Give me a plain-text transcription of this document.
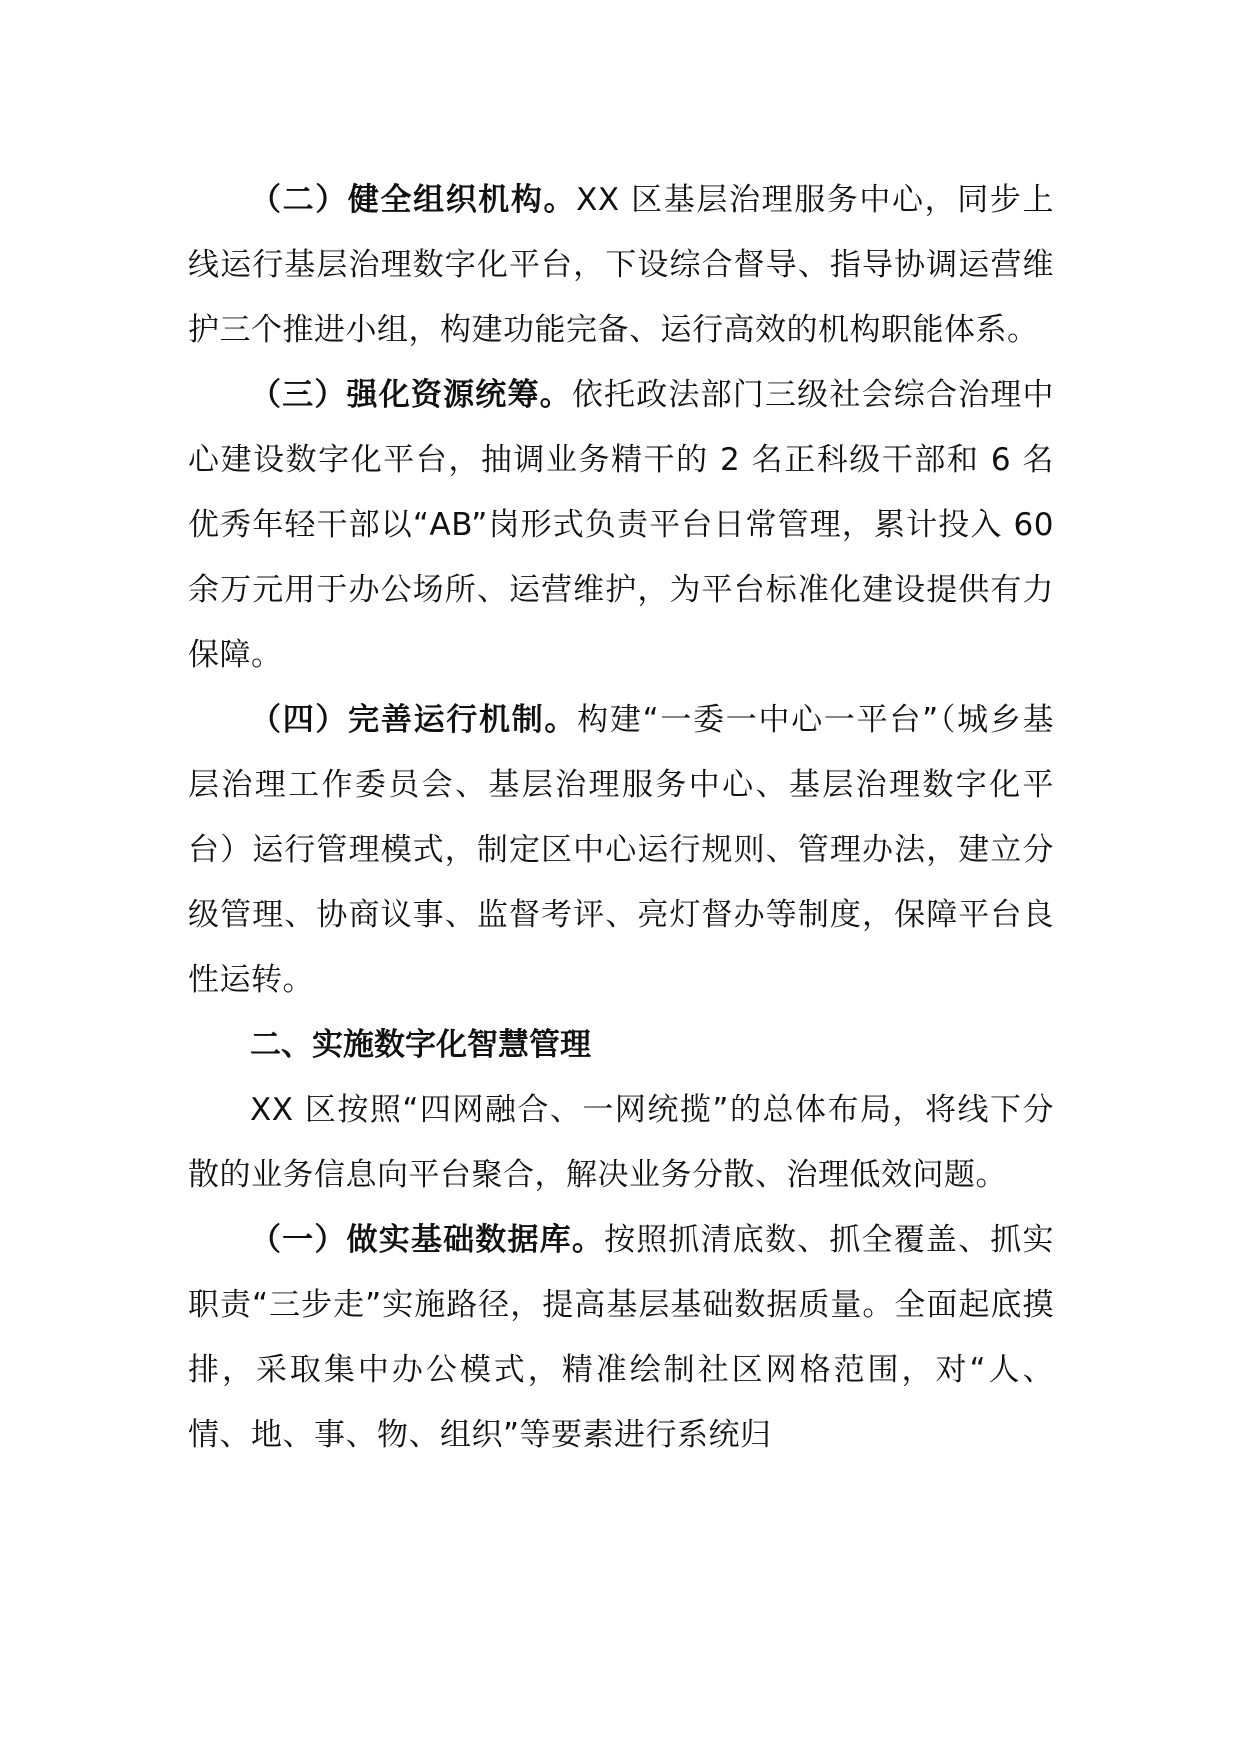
（二）健全组织机构。XX 区基层治理服务中心，同步上线运行基层治理数字化平台，下设综合督导、指导协调运营维护三个推进小组，构建功能完备、运行高效的机构职能体系。

（三）强化资源统筹。依托政法部门三级社会综合治理中心建设数字化平台，抽调业务精干的 2 名正科级干部和 6 名优秀年轻干部以“AB”岗形式负责平台日常管理，累计投入 60 余万元用于办公场所、运营维护，为平台标准化建设提供有力保障。

（四）完善运行机制。构建“一委一中心一平台”（城乡基层治理工作委员会、基层治理服务中心、基层治理数字化平台）运行管理模式，制定区中心运行规则、管理办法，建立分级管理、协商议事、监督考评、亮灯督办等制度，保障平台良性运转。

二、实施数字化智慧管理

XX 区按照“四网融合、一网统揽”的总体布局，将线下分散的业务信息向平台聚合，解决业务分散、治理低效问题。

（一）做实基础数据库。按照抓清底数、抓全覆盖、抓实职责“三步走”实施路径，提高基层基础数据质量。全面起底摸排，采取集中办公模式，精准绘制社区网格范围，对“人、情、地、事、物、组织”等要素进行系统归
